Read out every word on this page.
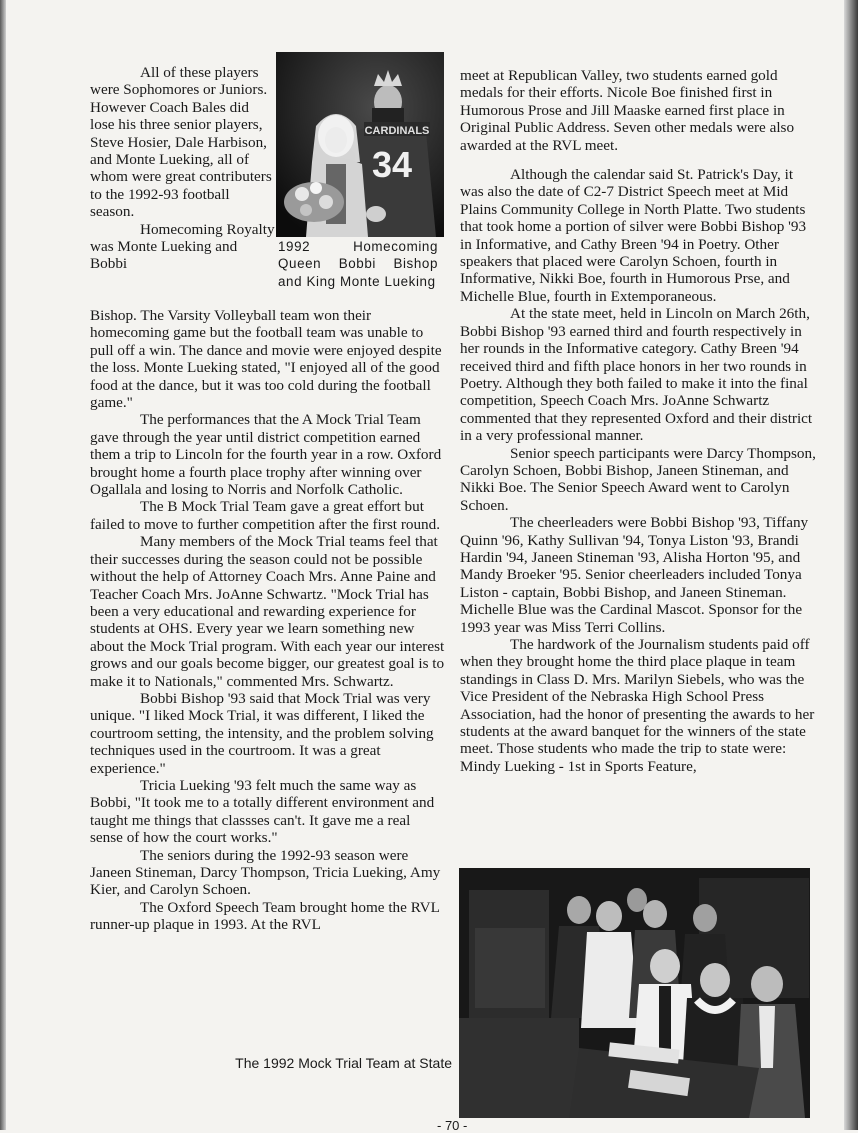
All of these players were Sophomores or Juniors. However Coach Bales did lose his three senior players, Steve Hosier, Dale Harbison, and Monte Lueking, all of whom were great contributers to the 1992-93 football season.

Homecoming Royalty was Monte Lueking and Bobbi

CARDINALS
34
1992 Homecoming Queen Bobbi Bishop and King Monte Lueking

Bishop. The Varsity Volleyball team won their homecoming game but the football team was unable to pull off a win. The dance and movie were enjoyed despite the loss. Monte Lueking stated, "I enjoyed all of the good food at the dance, but it was too cold during the football game."

The performances that the A Mock Trial Team gave through the year until district competition earned them a trip to Lincoln for the fourth year in a row. Oxford brought home a fourth place trophy after winning over Ogallala and losing to Norris and Norfolk Catholic.

The B Mock Trial Team gave a great effort but failed to move to further competition after the first round.

Many members of the Mock Trial teams feel that their successes during the season could not be possible without the help of Attorney Coach Mrs. Anne Paine and Teacher Coach Mrs. JoAnne Schwartz. "Mock Trial has been a very educational and rewarding experience for students at OHS. Every year we learn something new about the Mock Trial program. With each year our interest grows and our goals become bigger, our greatest goal is to make it to Nationals," commented Mrs. Schwartz.

Bobbi Bishop '93 said that Mock Trial was very unique. "I liked Mock Trial, it was different, I liked the courtroom setting, the intensity, and the problem solving techniques used in the courtroom. It was a great experience."

Tricia Lueking '93 felt much the same way as Bobbi, "It took me to a totally different environment and taught me things that classses can't. It gave me a real sense of how the court works."

The seniors during the 1992-93 season were Janeen Stineman, Darcy Thompson, Tricia Lueking, Amy Kier, and Carolyn Schoen.

The Oxford Speech Team brought home the RVL runner-up plaque in 1993. At the RVL

meet at Republican Valley, two students earned gold medals for their efforts. Nicole Boe finished first in Humorous Prose and Jill Maaske earned first place in Original Public Address. Seven other medals were also awarded at the RVL meet.

Although the calendar said St. Patrick's Day, it was also the date of C2-7 District Speech meet at Mid Plains Community College in North Platte. Two students that took home a portion of silver were Bobbi Bishop '93 in Informative, and Cathy Breen '94 in Poetry. Other speakers that placed were Carolyn Schoen, fourth in Informative, Nikki Boe, fourth in Humorous Prse, and Michelle Blue, fourth in Extemporaneous.

At the state meet, held in Lincoln on March 26th, Bobbi Bishop '93 earned third and fourth respectively in her rounds in the Informative category. Cathy Breen '94 received third and fifth place honors in her two rounds in Poetry. Although they both failed to make it into the final competition, Speech Coach Mrs. JoAnne Schwartz commented that they represented Oxford and their district in a very professional manner.

Senior speech participants were Darcy Thompson, Carolyn Schoen, Bobbi Bishop, Janeen Stineman, and Nikki Boe. The Senior Speech Award went to Carolyn Schoen.

The cheerleaders were Bobbi Bishop '93, Tiffany Quinn '96, Kathy Sullivan '94, Tonya Liston '93, Brandi Hardin '94, Janeen Stineman '93, Alisha Horton '95, and Mandy Broeker '95. Senior cheerleaders included Tonya Liston - captain, Bobbi Bishop, and Janeen Stineman. Michelle Blue was the Cardinal Mascot. Sponsor for the 1993 year was Miss Terri Collins.

The hardwork of the Journalism students paid off when they brought home the third place plaque in team standings in Class D. Mrs. Marilyn Siebels, who was the Vice President of the Nebraska High School Press Association, had the honor of presenting the awards to her students at the award banquet for the winners of the state meet. Those students who made the trip to state were: Mindy Lueking - 1st in Sports Feature,

The 1992 Mock Trial Team at State
- 70 -
